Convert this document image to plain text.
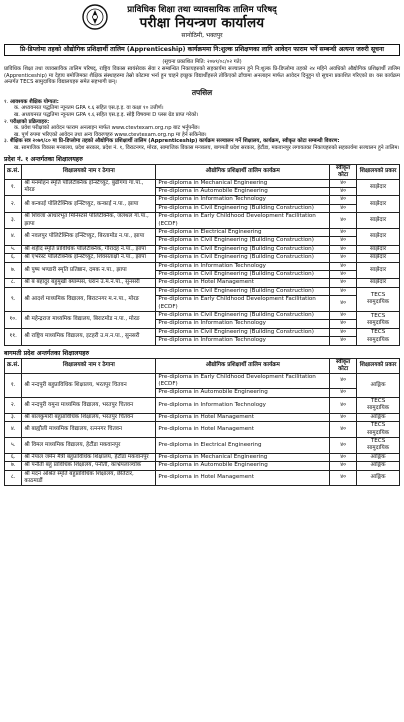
प्राविधिक शिक्षा तथा व्यावसायिक तालिम परिषद्
परीक्षा नियन्त्रण कार्यालय
सानोठिमी, भक्तपुर
प्रि-डिप्लोमा तहको औद्योगिक प्रशिक्षार्थी तालिम (Apprenticeship) कार्यक्रममा नि:शुल्क प्रशिक्षणका लागि आवेदन फाराम भर्ने सम्बन्धी अत्यन्त जरुरी सूचना
(सूचना प्रकाशित मिति: २०७९/०८/०२ गते)
प्राविधिक शिक्षा तथा व्यावसायिक तालिम परिषद्, राष्ट्रिय विकास स्वयंसेवक सेवा र सम्बन्धित निकायहरुको सहकार्यमा सञ्चालन हुने नि:शुल्क प्रि-डिप्लोमा तहको २४ महिने अवधिको औद्योगिक प्रशिक्षार्थी तालिम (Apprenticeship) मा देहाय बमोजिमका शैक्षिक संस्थाहरुमा तेस्रो कोटामा भर्ना हुन चाहने इच्छुक विद्यार्थीहरुले तोकिएको ढाँचामा अनलाइन मार्फत आवेदन दिनुहुन यो सूचना प्रकाशित गरिएको छ। यस कार्यक्रम अन्तर्गत TECS सामुदायिक विद्यालयहरु समेत सहभागी छन्।
तपसिल
१. आवश्यक शैक्षिक योग्यता:
क. अध्ययनरत पद्धतिमा न्यूनतम GPA १.६ सहित एस.इ.इ. वा कक्षा १० उत्तीर्ण।
ख. अध्ययनरत पद्धतिमा न्यूनतम GPA १.६ सहित एस.इ.इ. सोह्रै विषयमा D प्लस ग्रेड प्राप्त गरेको।
२. परीक्षाको प्रक्रियाहरु:
क. प्रवेश परीक्षाको आवेदन फाराम अनलाइन मार्फत www.ctevtexam.org.np बाट भर्नुपर्नेछ।
ख. पूर्ण रुपमा भरिएको आवेदन तथा अन्य विवरणहरु www.ctevtexam.org.np मा हेर्न सकिनेछ।
३. शैक्षिक सत्र २०७९/८० मा प्रि-डिप्लोमा तहको औद्योगिक प्रशिक्षार्थी तालिम (Apprenticeship) कार्यक्रम सञ्चालन गर्ने शिक्षालय, कार्यक्रम, स्वीकृत कोटा सम्बन्धी विवरण:
ख. सामाजिक विकास मन्त्रालय, प्रदेश सरकार, प्रदेश नं. १, विराटनगर, मोरङ, सामाजिक विकास मन्त्रालय, बागमती प्रदेश सरकार, हेटौंडा, मकवानपुर लगायतका निकायहरुको सहकार्यमा सञ्चालन हुने तालिम।
प्रदेश नं. १ अन्तर्गतका शिक्षालयहरु
क्र.सं.	शिक्षालयको नाम र ठेगाना	औद्योगिक प्रशिक्षार्थी तालिम कार्यक्रम	स्वीकृत कोटा	शिक्षालयको प्रकार
१.	श्री मनमोहन स्मृति पोलिटेक्निक इन्स्टिच्युट, बुढीगंगा गा.पा., मोरङ	Pre-diploma in Mechanical Engineering	४०	साझेदार
		Pre-diploma in Automobile Engineering	४०	
२.	श्री कन्काई पोलिटेक्निक इन्स्टिच्युट, कन्काई न.पा., झापा	Pre-diploma in Information Technology	४०	साझेदार
		Pre-diploma in Civil Engineering (Building Construction)	४०	
३.	श्री शिवजा आधारभूत मिनिस्टर्स पोलिटेक्निक, जलथल गा.पा., झापा	Pre-diploma in Early Childhood Development Facilitation (ECDF)	४०	साझेदार
४.	श्री नवलपुर पोलिटेक्निक इन्स्टिच्युट, बिरतामोड न.पा., झापा	Pre-diploma in Electrical Engineering	४०	साझेदार
		Pre-diploma in Civil Engineering (Building Construction)	४०	
५.	श्री शहीद स्मृति प्राविधिक पोलिटेक्निक, गौरादह न.पा., झापा	Pre-diploma in Civil Engineering (Building Construction)	४०	साझेदार
६.	श्री एभरेस्ट पोलिटेक्निक इन्स्टिच्युट, शिवसताक्षी न.पा., झापा	Pre-diploma in Civil Engineering (Building Construction)	४०	साझेदार
७.	श्री पुष्प भण्डारी स्मृति प्रतिष्ठान, दमक न.पा., झापा	Pre-diploma in Information Technology	४०	साझेदार
		Pre-diploma in Civil Engineering (Building Construction)	४०	
८.	श्री ब बहादुर बहुमुखी क्याम्पस, धरान उ.म.न.पा., सुनसरी	Pre-diploma in Hotel Management	४०	साझेदार
९.	श्री आदर्श माध्यमिक विद्यालय, बिराटनगर म.न.पा., मोरङ	Pre-diploma in Civil Engineering (Building Construction)	४०	TECS सामुदायिक
		Pre-diploma in Early Childhood Development Facilitation (ECDF)	४०	
१०.	श्री महेन्द्रराज माध्यमिक विद्यालय, बिराटमोड न.पा., मोरङ	Pre-diploma in Civil Engineering (Building Construction)	४०	TECS सामुदायिक
		Pre-diploma in Information Technology	४०	
११.	श्री राष्ट्रिय माध्यमिक विद्यालय, इटहरी उ.म.न.पा., सुनसरी	Pre-diploma in Civil Engineering (Building Construction)	४०	TECS सामुदायिक
		Pre-diploma in Information Technology	४०	
बागमती प्रदेश अन्तर्गतका शिक्षालयहरु
क्र.सं.	शिक्षालयको नाम र ठेगाना	औद्योगिक प्रशिक्षार्थी तालिम कार्यक्रम	स्वीकृत कोटा	शिक्षालयको प्रकार
१.	श्री नन्दपुरी बहुप्राविधिक शिक्षालय, भरतपुर चितवन	Pre-diploma in Early Childhood Development Facilitation (ECDF)	४०	आङ्गिक
		Pre-diploma in Automobile Engineering	४०	
२.	श्री नन्दपुरी यमुना माध्यमिक विद्यालय, भरतपुर चितवन	Pre-diploma in Information Technology	४०	TECS सामुदायिक
३.	श्री बालकुमारी बहुप्राविधिक शिक्षालय, भरतपुर चितवन	Pre-diploma in Hotel Management	४०	आङ्गिक
४.	श्री बाह्यौली माध्यमिक विद्यालय, रत्ननगर चितवन	Pre-diploma in Hotel Management	४०	TECS सामुदायिक
५.	श्री विमल माध्यमिक विद्यालय, हेटौंडा मकवानपुर	Pre-diploma in Electrical Engineering	४०	TECS सामुदायिक
६.	श्री नेपाल जर्मन मैत्री बहुप्राविधिक शिक्षालय, हेटौंडा मकवानपुर	Pre-diploma in Mechanical Engineering	४०	आङ्गिक
७.	श्री पनौती बहु प्राविधिक शिक्षालय, पनौती, काभ्रेपलाञ्चोक	Pre-diploma in Automobile Engineering	४०	आङ्गिक
८.	श्री मदन अश्रित स्मृति बहुप्राविधिक शिक्षालय, छेतिटार, काठमाडौं	Pre-diploma in Hotel Management	४०	आङ्गिक
